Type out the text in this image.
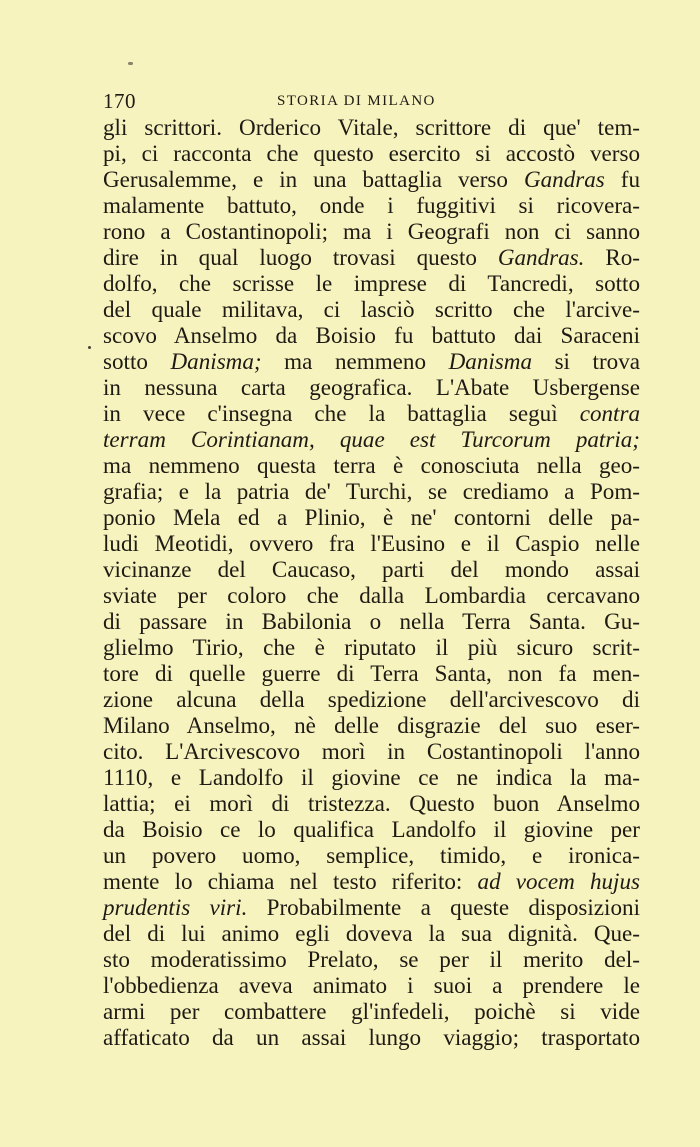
170	STORIA DI MILANO
gli scrittori. Orderico Vitale, scrittore di que' tem-
pi, ci racconta che questo esercito si accostò verso
Gerusalemme, e in una battaglia verso Gandras fu
malamente battuto, onde i fuggitivi si ricovera-
rono a Costantinopoli; ma i Geografi non ci sanno
dire in qual luogo trovasi questo Gandras. Ro-
dolfo, che scrisse le imprese di Tancredi, sotto
del quale militava, ci lasciò scritto che l'arcive-
scovo Anselmo da Boisio fu battuto dai Saraceni
sotto Danisma; ma nemmeno Danisma si trova
in nessuna carta geografica. L'Abate Usbergense
in vece c'insegna che la battaglia seguì contra
terram Corintianam, quae est Turcorum patria;
ma nemmeno questa terra è conosciuta nella geo-
grafia; e la patria de' Turchi, se crediamo a Pom-
ponio Mela ed a Plinio, è ne' contorni delle pa-
ludi Meotidi, ovvero fra l'Eusino e il Caspio nelle
vicinanze del Caucaso, parti del mondo assai
sviate per coloro che dalla Lombardia cercavano
di passare in Babilonia o nella Terra Santa. Gu-
glielmo Tirio, che è riputato il più sicuro scrit-
tore di quelle guerre di Terra Santa, non fa men-
zione alcuna della spedizione dell'arcivescovo di
Milano Anselmo, nè delle disgrazie del suo eser-
cito. L'Arcivescovo morì in Costantinopoli l'anno
1110, e Landolfo il giovine ce ne indica la ma-
lattia; ei morì di tristezza. Questo buon Anselmo
da Boisio ce lo qualifica Landolfo il giovine per
un povero uomo, semplice, timido, e ironica-
mente lo chiama nel testo riferito: ad vocem hujus
prudentis viri. Probabilmente a queste disposizioni
del di lui animo egli doveva la sua dignità. Que-
sto moderatissimo Prelato, se per il merito del-
l'obbedienza aveva animato i suoi a prendere le
armi per combattere gl'infedeli, poichè si vide
affaticato da un assai lungo viaggio; trasportato
